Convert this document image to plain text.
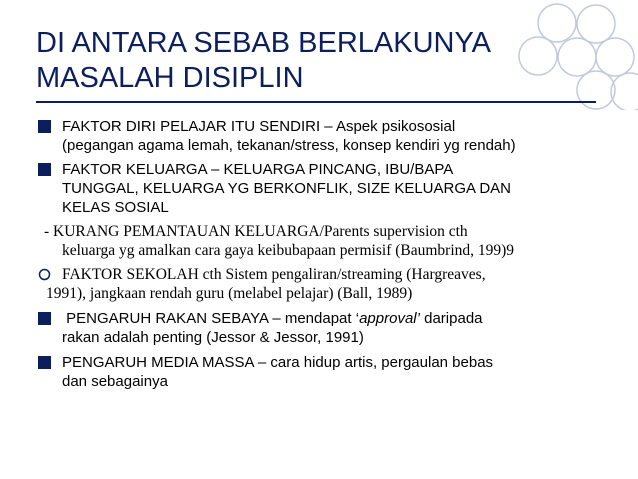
DI ANTARA SEBAB BERLAKUNYA
MASALAH DISIPLIN
FAKTOR DIRI PELAJAR ITU SENDIRI – Aspek psikososial
(pegangan agama lemah, tekanan/stress, konsep kendiri yg rendah)
FAKTOR KELUARGA – KELUARGA PINCANG, IBU/BAPA
TUNGGAL, KELUARGA YG BERKONFLIK, SIZE KELUARGA DAN
KELAS SOSIAL
- KURANG PEMANTAUAN KELUARGA/Parents supervision cth
keluarga yg amalkan cara gaya keibubapaan permisif (Baumbrind, 199)9
FAKTOR SEKOLAH cth Sistem pengaliran/streaming (Hargreaves,
1991), jangkaan rendah guru (melabel pelajar) (Ball, 1989)
PENGARUH RAKAN SEBAYA – mendapat ‘approval’ daripada
rakan adalah penting (Jessor & Jessor, 1991)
PENGARUH MEDIA MASSA – cara hidup artis, pergaulan bebas
dan sebagainya
